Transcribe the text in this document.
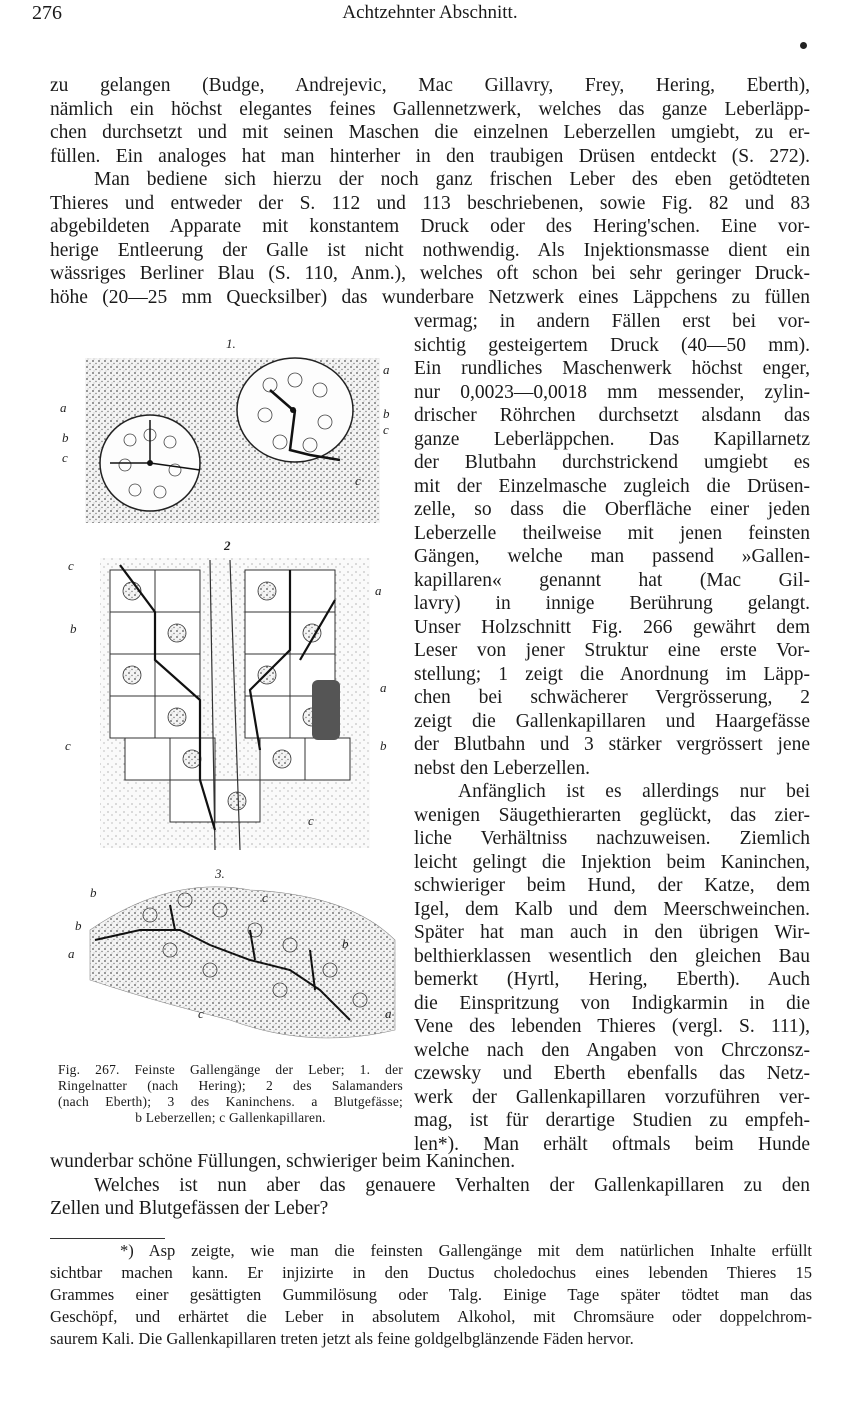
276	Achtzehnter Abschnitt.
zu gelangen (Budge, Andrejevic, Mac Gillavry, Frey, Hering, Eberth),
nämlich ein höchst elegantes feines Gallennetzwerk, welches das ganze Leberläpp-
chen durchsetzt und mit seinen Maschen die einzelnen Leberzellen umgiebt, zu er-
füllen. Ein analoges hat man hinterher in den traubigen Drüsen entdeckt (S. 272).
Man bediene sich hierzu der noch ganz frischen Leber des eben getödteten
Thieres und entweder der S. 112 und 113 beschriebenen, sowie Fig. 82 und 83
abgebildeten Apparate mit konstantem Druck oder des Hering'schen. Eine vor-
herige Entleerung der Galle ist nicht nothwendig. Als Injektionsmasse dient ein
wässriges Berliner Blau (S. 110, Anm.), welches oft schon bei sehr geringer Druck-
höhe (20—25 mm Quecksilber) das wunderbare Netzwerk eines Läppchens zu füllen
vermag; in andern Fällen erst bei vor-
sichtig gesteigertem Druck (40—50 mm).
Ein rundliches Maschenwerk höchst enger,
nur 0,0023—0,0018 mm messender, zylin-
drischer Röhrchen durchsetzt alsdann das
ganze Leberläppchen. Das Kapillarnetz
der Blutbahn durchstrickend umgiebt es
mit der Einzelmasche zugleich die Drüsen-
zelle, so dass die Oberfläche einer jeden
Leberzelle theilweise mit jenen feinsten
Gängen, welche man passend »Gallen-
kapillaren« genannt hat (Mac Gil-
lavry) in innige Berührung gelangt.
Unser Holzschnitt Fig. 266 gewährt dem
Leser von jener Struktur eine erste Vor-
stellung; 1 zeigt die Anordnung im Läpp-
chen bei schwächerer Vergrösserung, 2
zeigt die Gallenkapillaren und Haargefässe
der Blutbahn und 3 stärker vergrössert jene
nebst den Leberzellen.
Anfänglich ist es allerdings nur bei
wenigen Säugethierarten geglückt, das zier-
liche Verhältniss nachzuweisen. Ziemlich
leicht gelingt die Injektion beim Kaninchen,
schwieriger beim Hund, der Katze, dem
Igel, dem Kalb und dem Meerschweinchen.
Später hat man auch in den übrigen Wir-
belthierklassen wesentlich den gleichen Bau
bemerkt (Hyrtl, Hering, Eberth). Auch
die Einspritzung von Indigkarmin in die
Vene des lebenden Thieres (vergl. S. 111),
welche nach den Angaben von Chrczonsz-
czewsky und Eberth ebenfalls das Netz-
werk der Gallenkapillaren vorzuführen ver-
mag, ist für derartige Studien zu empfeh-
len*). Man erhält oftmals beim Hunde
wunderbar schöne Füllungen, schwieriger beim Kaninchen.
Welches ist nun aber das genauere Verhalten der Gallenkapillaren zu den
Zellen und Blutgefässen der Leber?
1.
a
b
c
a
b
c
c
2
c
a
b
a
c	b
c
3.
b	c
b
a
b
c	a
Fig. 267. Feinste Gallengänge der Leber; 1. der
Ringelnatter (nach Hering); 2 des Salamanders
(nach Eberth); 3 des Kaninchens. a Blutgefässe;
b Leberzellen; c Gallenkapillaren.
*) Asp zeigte, wie man die feinsten Gallengänge mit dem natürlichen Inhalte erfüllt
sichtbar machen kann. Er injizirte in den Ductus choledochus eines lebenden Thieres 15
Grammes einer gesättigten Gummilösung oder Talg. Einige Tage später tödtet man das
Geschöpf, und erhärtet die Leber in absolutem Alkohol, mit Chromsäure oder doppelchrom-
saurem Kali. Die Gallenkapillaren treten jetzt als feine goldgelbglänzende Fäden hervor.
